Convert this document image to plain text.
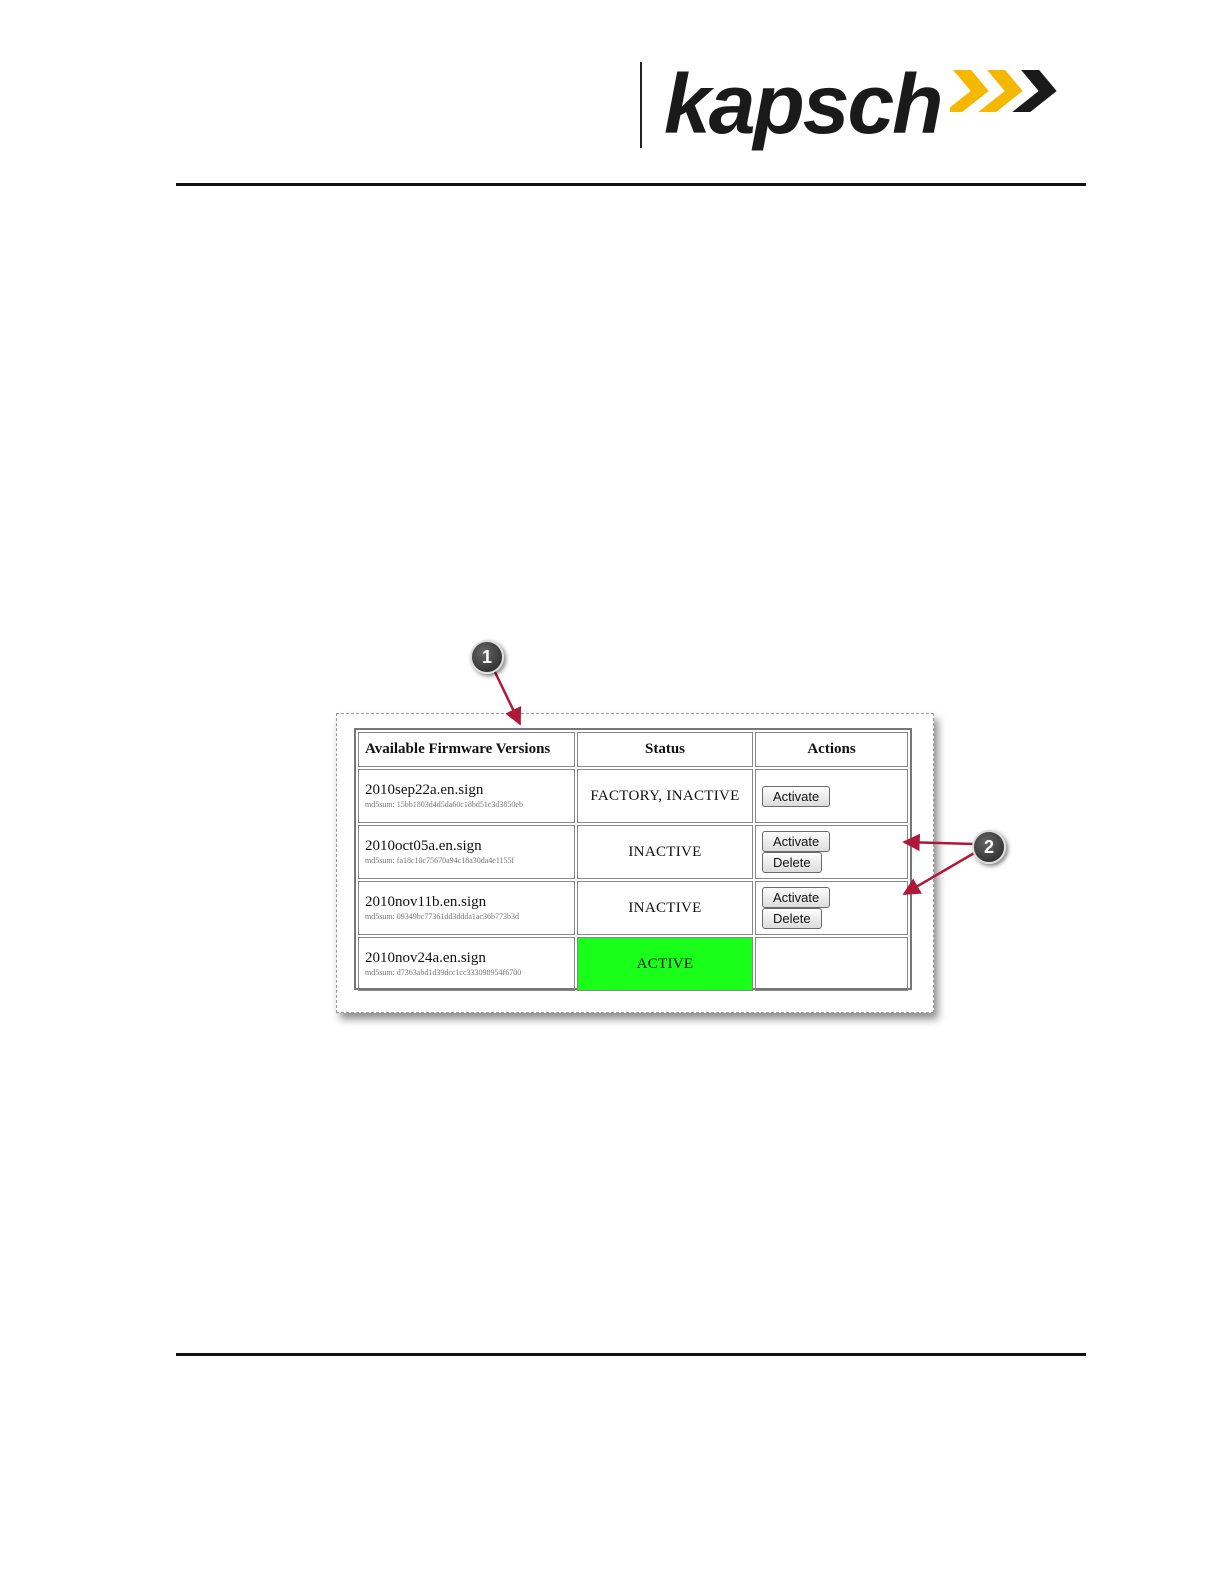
kapsch
Available Firmware Versions	Status	Actions

2010sep22a.en.sign
md5sum: 15bb1803d4d5da60c18bd51c3d3850eb	FACTORY, INACTIVE	Activate

2010oct05a.en.sign
md5sum: fa18c10c75670a94c18a30da4e1155f	INACTIVE	Activate Delete

2010nov11b.en.sign
md5sum: 09349bc77361dd3ddda1ac36b773b3d	INACTIVE	Activate Delete

2010nov24a.en.sign
md5sum: d7363abd1d39dcc1cc333098954f6700	ACTIVE	
1
2
